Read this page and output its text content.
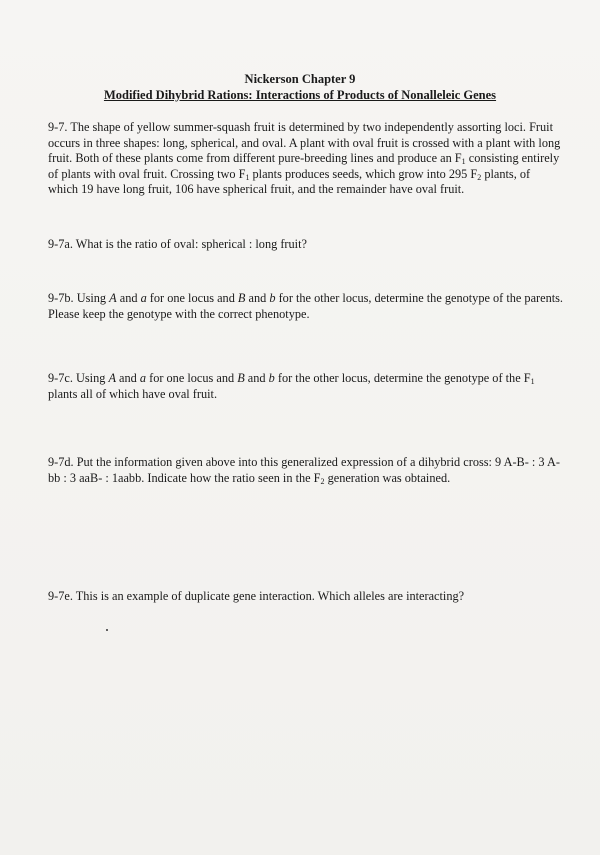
Nickerson Chapter 9
Modified Dihybrid Rations: Interactions of Products of Nonalleleic Genes

9-7. The shape of yellow summer-squash fruit is determined by two independently assorting loci. Fruit occurs in three shapes: long, spherical, and oval. A plant with oval fruit is crossed with a plant with long fruit. Both of these plants come from different pure-breeding lines and produce an $F_1$ consisting entirely of plants with oval fruit. Crossing two $F_1$ plants produces seeds, which grow into 295 $F_2$ plants, of which 19 have long fruit, 106 have spherical fruit, and the remainder have oval fruit.

9-7a. What is the ratio of oval: spherical : long fruit?

9-7b. Using A and a for one locus and B and b for the other locus, determine the genotype of the parents. Please keep the genotype with the correct phenotype.

9-7c. Using A and a for one locus and B and b for the other locus, determine the genotype of the $F_1$ plants all of which have oval fruit.

9-7d. Put the information given above into this generalized expression of a dihybrid cross: 9 A-B- : 3 A-bb : 3 aaB- : 1aabb. Indicate how the ratio seen in the $F_2$ generation was obtained.

9-7e. This is an example of duplicate gene interaction. Which alleles are interacting?
